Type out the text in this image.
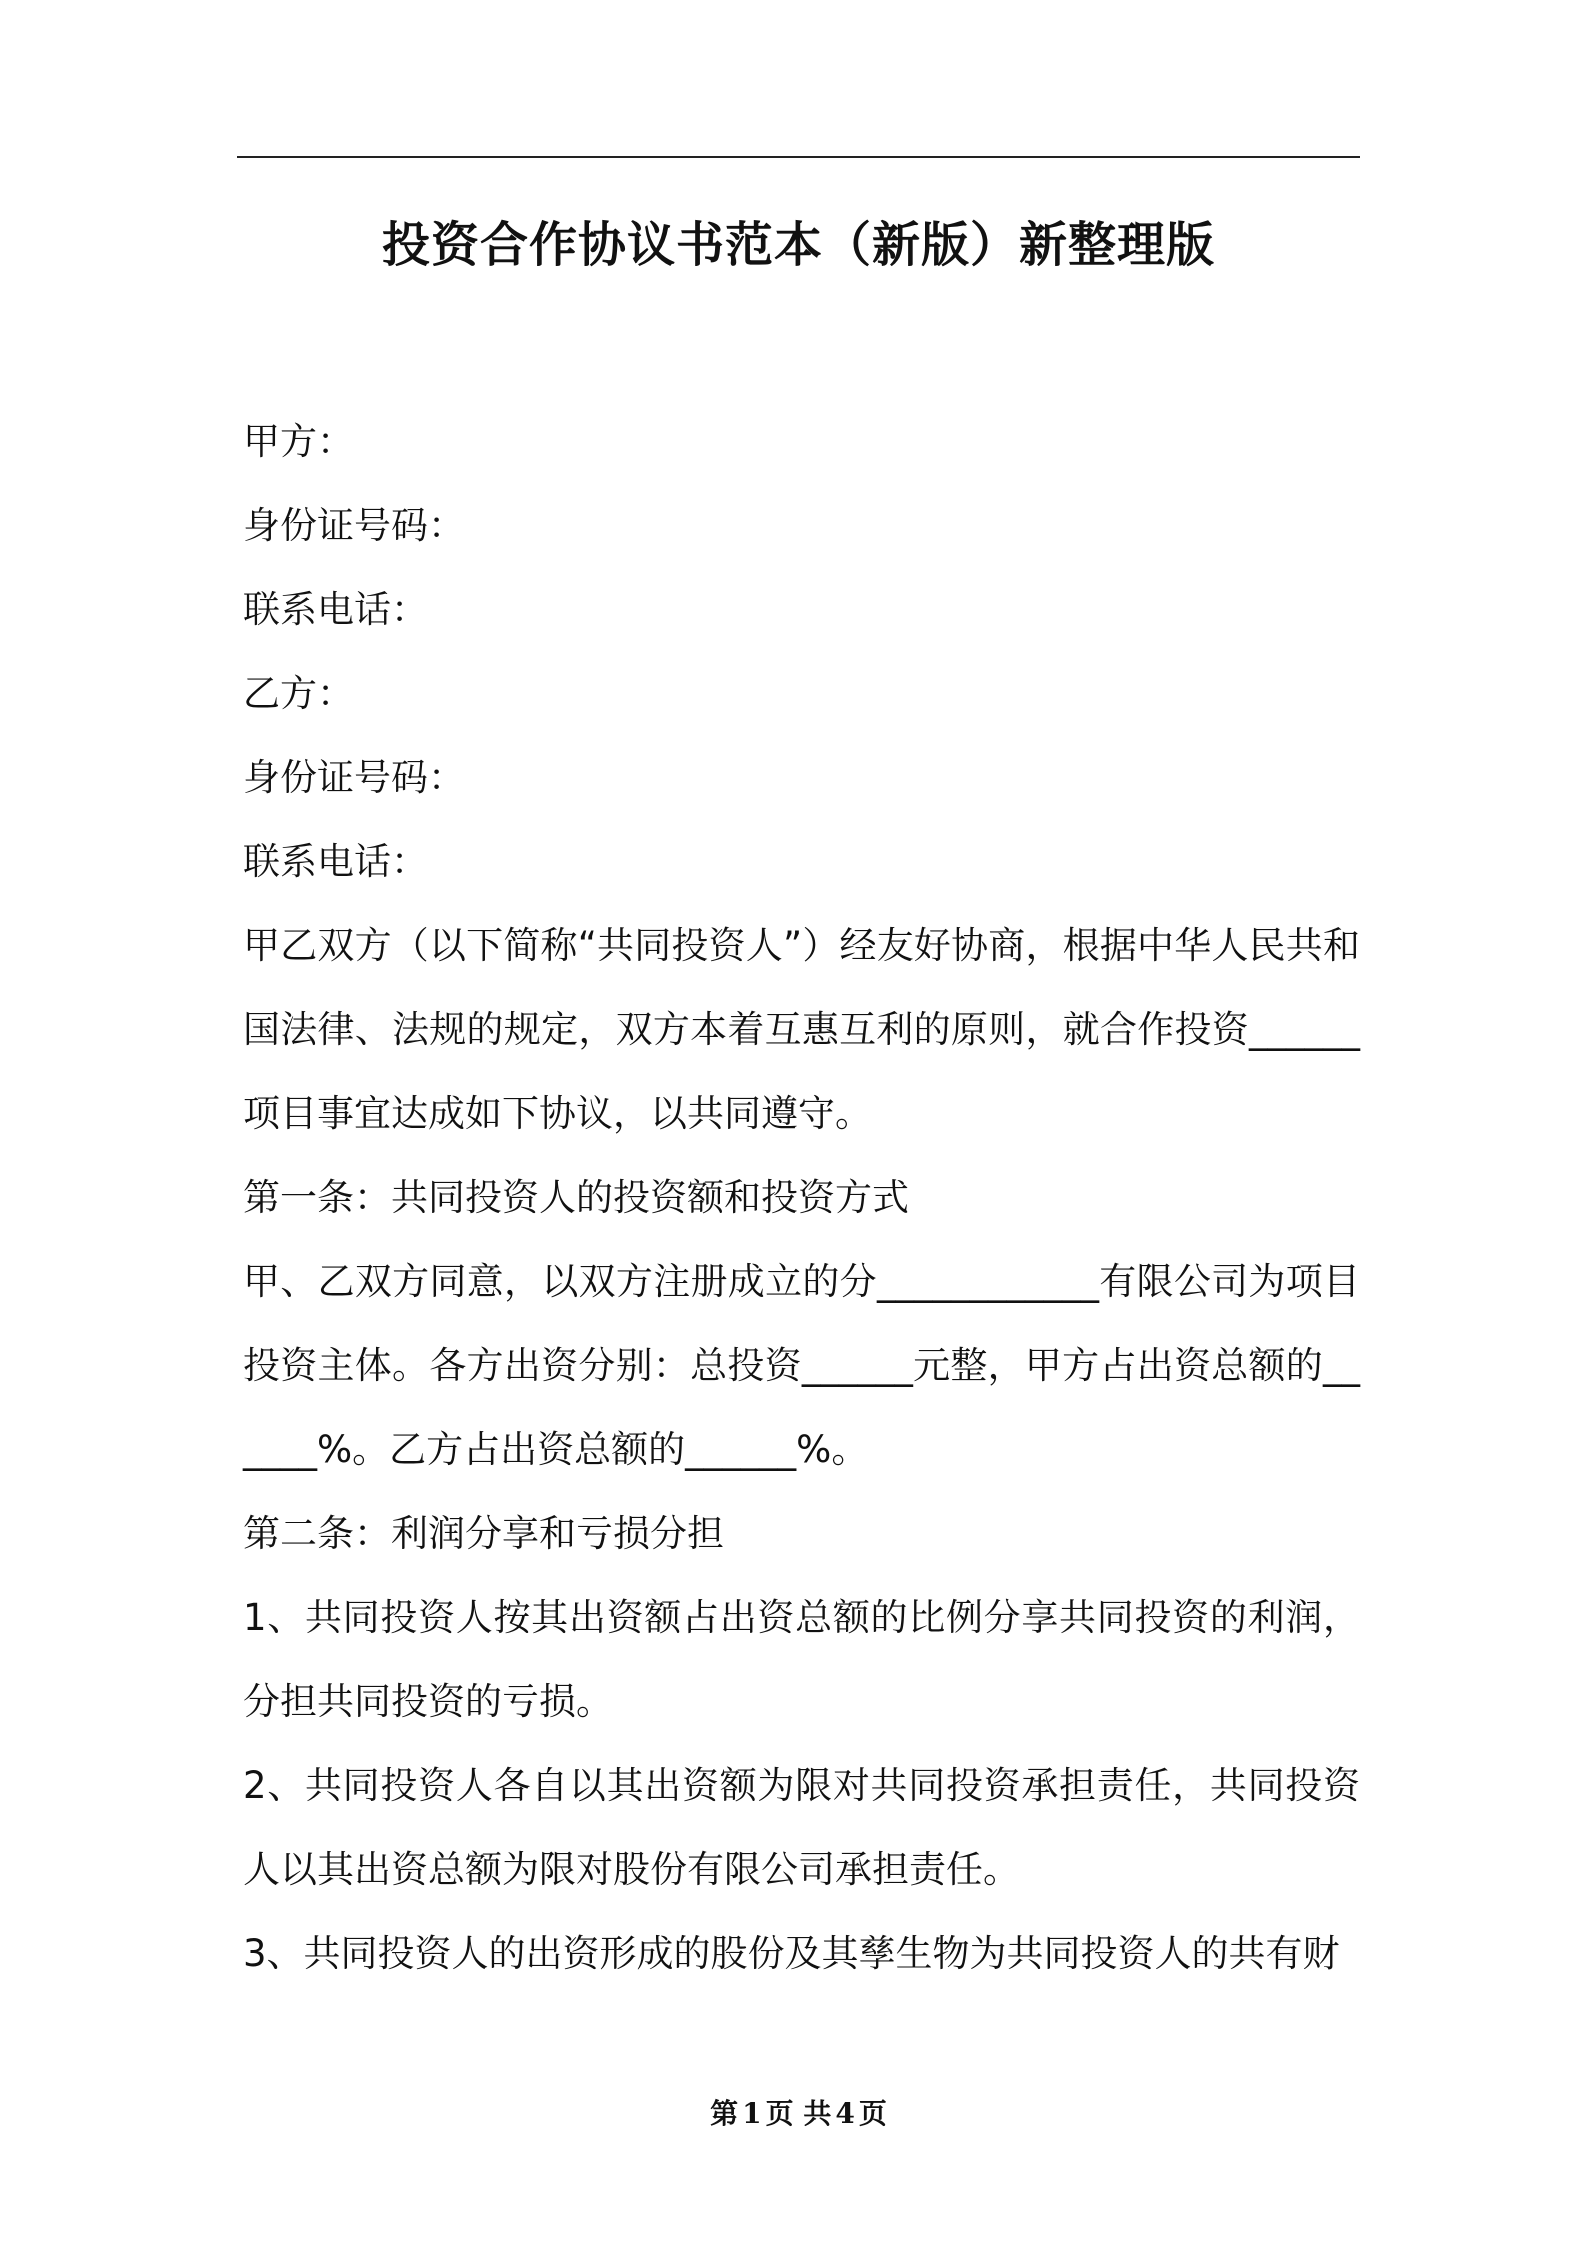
投资合作协议书范本（新版）新整理版

甲方：

身份证号码：

联系电话：

乙方：

身份证号码：

联系电话：

甲乙双方（以下简称“共同投资人”）经友好协商，根据中华人民共和国法律、法规的规定，双方本着互惠互利的原则，就合作投资______项目事宜达成如下协议，以共同遵守。

第一条：共同投资人的投资额和投资方式

甲、乙双方同意，以双方注册成立的分____________有限公司为项目投资主体。各方出资分别：总投资______元整，甲方占出资总额的______%。乙方占出资总额的______%。

第二条：利润分享和亏损分担

1、共同投资人按其出资额占出资总额的比例分享共同投资的利润，分担共同投资的亏损。

2、共同投资人各自以其出资额为限对共同投资承担责任，共同投资人以其出资总额为限对股份有限公司承担责任。

3、共同投资人的出资形成的股份及其孳生物为共同投资人的共有财

第 1 页 共 4 页
